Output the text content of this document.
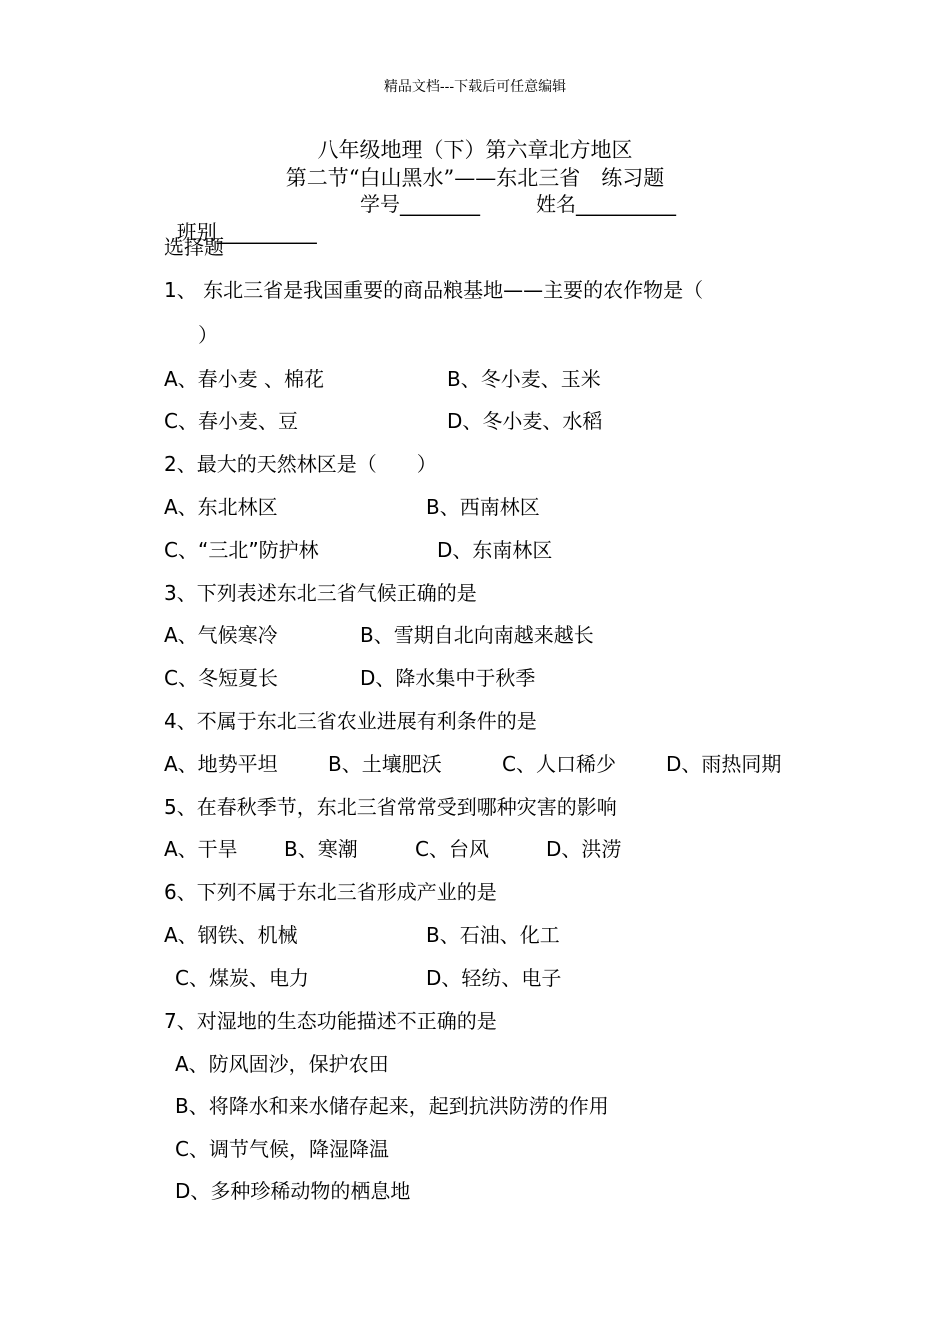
精品文档---下载后可任意编辑
八年级地理（下）第六章北方地区
第二节“白山黑水”——东北三省　练习题

班别__________

学号________	姓名__________
选择题
1、 东北三省是我国重要的商品粮基地——主要的农作物是（
）
A、春小麦 、棉花	B、冬小麦、玉米
C、春小麦、豆	D、冬小麦、水稻
2、最大的天然林区是（　　）
A、东北林区	B、西南林区
C、“三北”防护林	D、东南林区
3、下列表述东北三省气候正确的是
A、气候寒冷	B、雪期自北向南越来越长
C、冬短夏长	D、降水集中于秋季
4、不属于东北三省农业进展有利条件的是
A、地势平坦	B、土壤肥沃	C、人口稀少	D、雨热同期
5、在春秋季节，东北三省常常受到哪种灾害的影响
A、干旱 B、寒潮	C、台风	D、洪涝
6、下列不属于东北三省形成产业的是
A、钢铁、机械	B、石油、化工
C、煤炭、电力	D、轻纺、电子
7、对湿地的生态功能描述不正确的是
A、防风固沙，保护农田
B、将降水和来水储存起来，起到抗洪防涝的作用
C、调节气候，降湿降温
D、多种珍稀动物的栖息地
